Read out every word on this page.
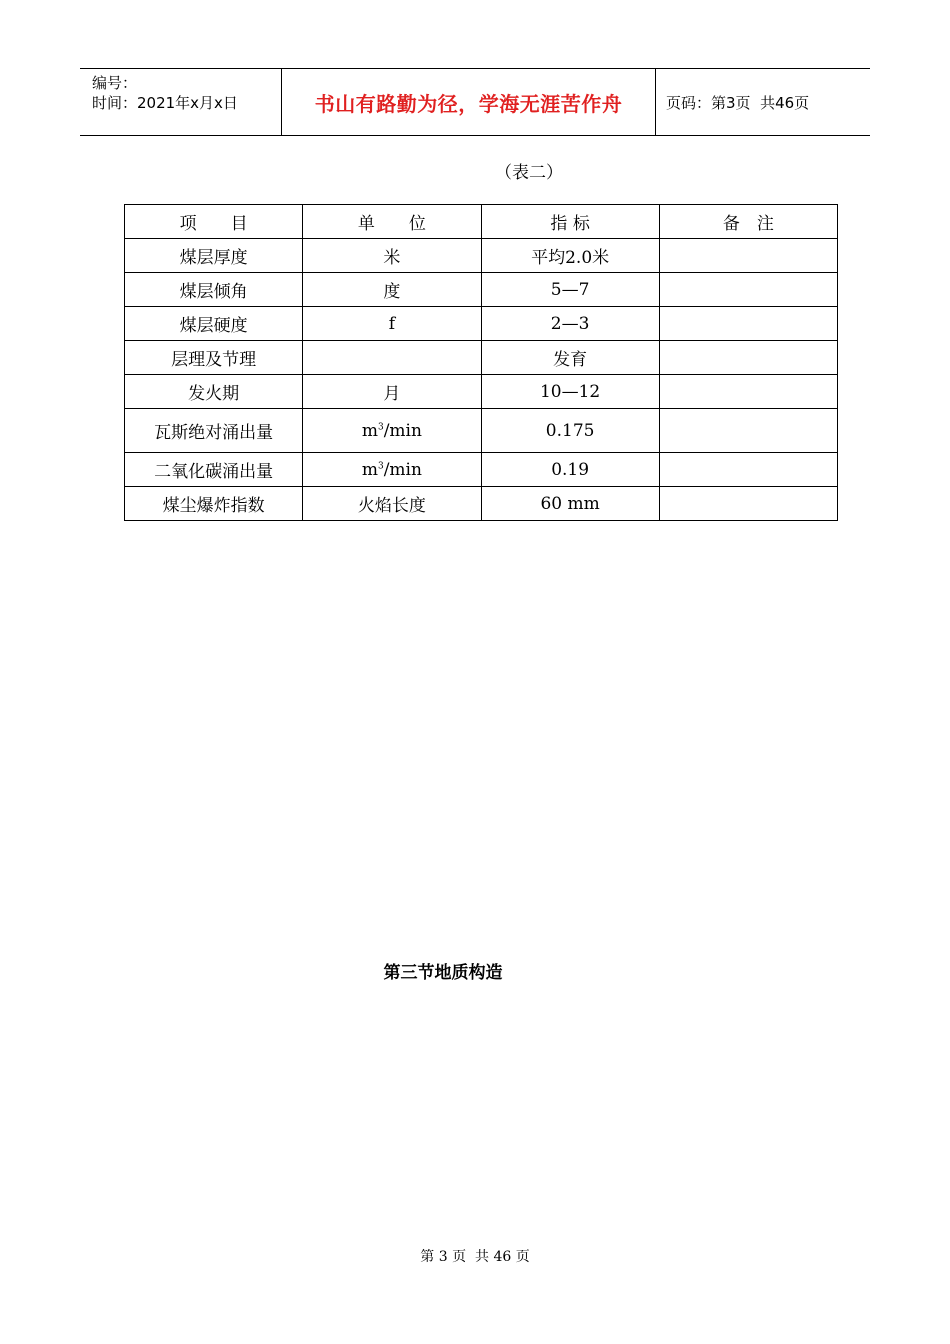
编号：
时间：2021年x月x日	书山有路勤为径，学海无涯苦作舟	页码：第3页  共46页
（表二）
项　　目	单　　位	指 标	备　注
煤层厚度	米	平均2.0米	
煤层倾角	度	5—7	
煤层硬度	f	2—3	
层理及节理		发育	
发火期	月	10—12	
瓦斯绝对涌出量	$m^3/\min$	0.175	
二氧化碳涌出量	$m^3/\min$	0.19	
煤尘爆炸指数	火焰长度	60 mm	
第三节地质构造
第 3 页  共 46 页
